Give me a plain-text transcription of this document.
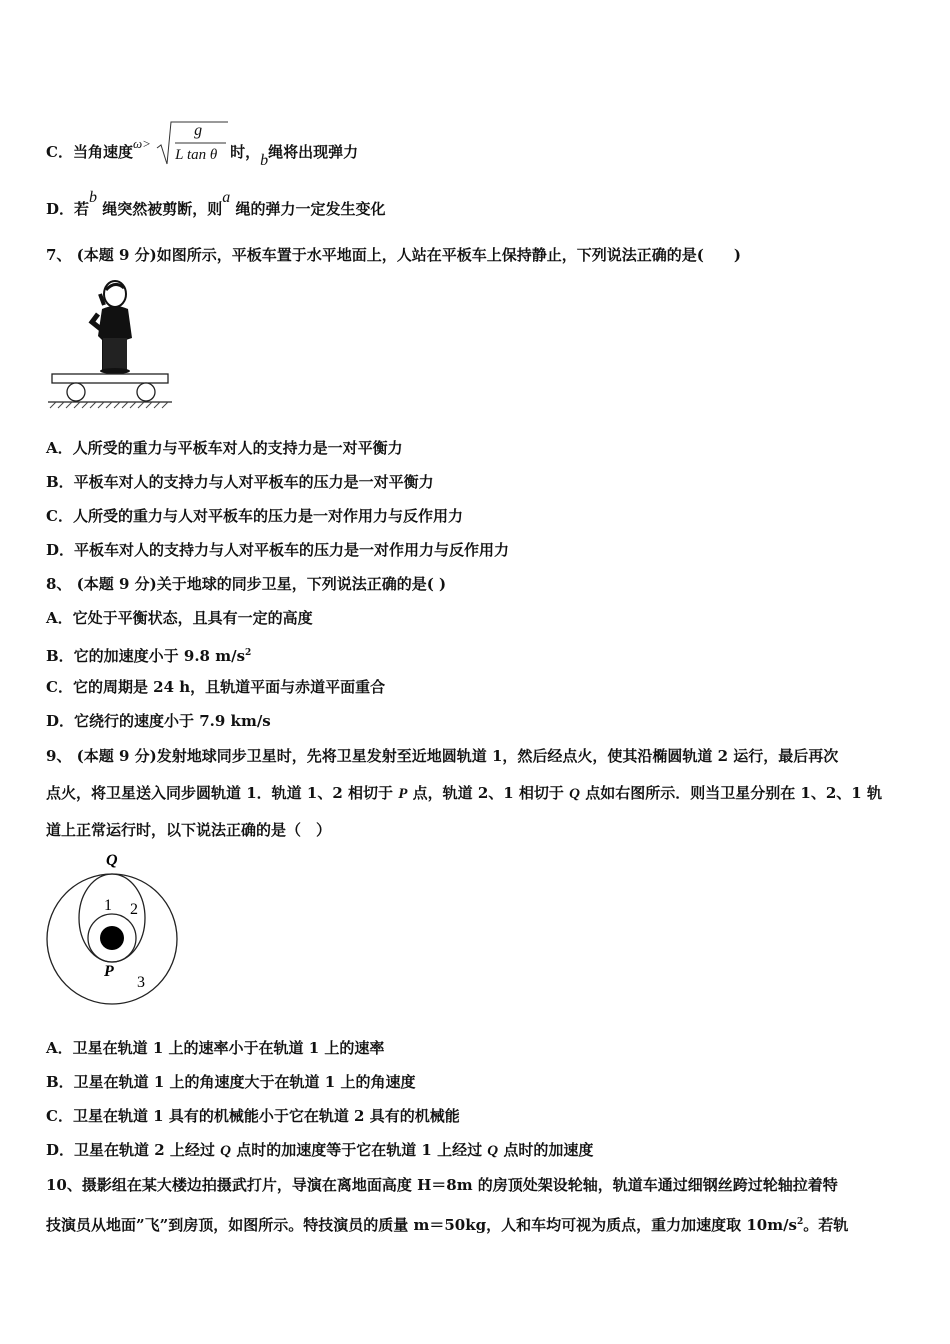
C．当角速度ω>
g
L tan θ 时，b绳将出现弹力
D．若b 绳突然被剪断，则a 绳的弹力一定发生变化
7、 (本题 9 分)如图所示，平板车置于水平地面上，人站在平板车上保持静止，下列说法正确的是(　　)
A．人所受的重力与平板车对人的支持力是一对平衡力
B．平板车对人的支持力与人对平板车的压力是一对平衡力
C．人所受的重力与人对平板车的压力是一对作用力与反作用力
D．平板车对人的支持力与人对平板车的压力是一对作用力与反作用力
8、 (本题 9 分)关于地球的同步卫星，下列说法正确的是( )
A．它处于平衡状态，且具有一定的高度
B．它的加速度小于 9.8 $m/s^2$
C．它的周期是 24 h，且轨道平面与赤道平面重合
D．它绕行的速度小于 7.9 km/s
9、 (本题 9 分)发射地球同步卫星时，先将卫星发射至近地圆轨道 1，然后经点火，使其沿椭圆轨道 2 运行，最后再次
点火，将卫星送入同步圆轨道 1．轨道 1、2 相切于 P 点，轨道 2、1 相切于 Q 点如右图所示．则当卫星分别在 1、2、1 轨
道上正常运行时，以下说法正确的是（　）
Q
1 2
P
3
A．卫星在轨道 1 上的速率小于在轨道 1 上的速率
B．卫星在轨道 1 上的角速度大于在轨道 1 上的角速度
C．卫星在轨道 1 具有的机械能小于它在轨道 2 具有的机械能
D．卫星在轨道 2 上经过 Q 点时的加速度等于它在轨道 1 上经过 Q 点时的加速度
10、摄影组在某大楼边拍摄武打片，导演在离地面高度 H＝8m 的房顶处架设轮轴，轨道车通过细钢丝跨过轮轴拉着特
技演员从地面”飞”到房顶，如图所示。特技演员的质量 m＝50kg，人和车均可视为质点，重力加速度取 $10m/s^2$。若轨
